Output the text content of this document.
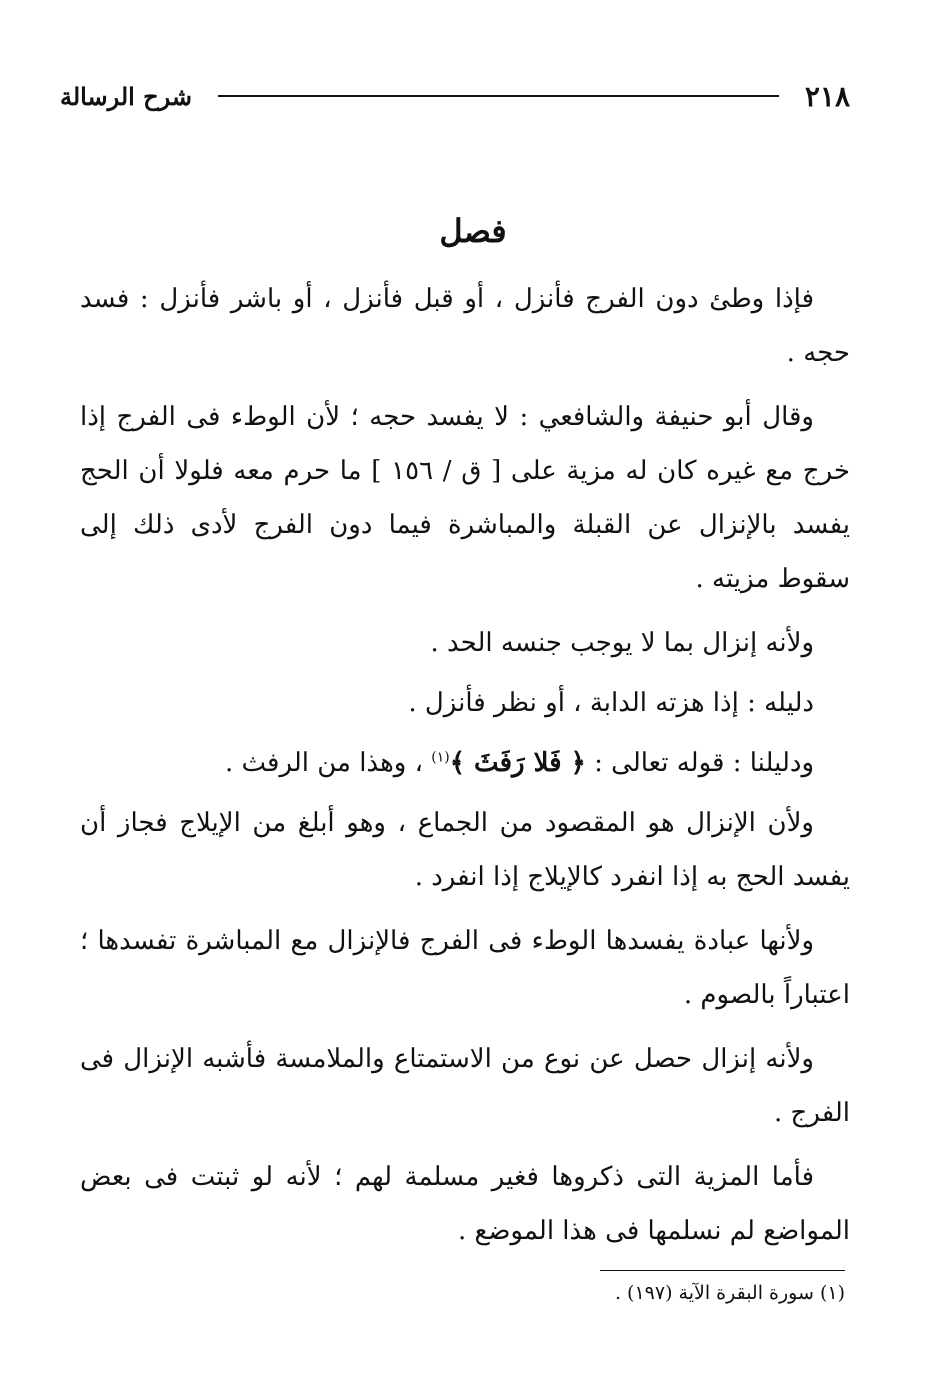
٢١٨
شرح الرسالة
فصل

فإذا وطئ دون الفرج فأنزل ، أو قبل فأنزل ، أو باشر فأنزل : فسد حجه .

وقال أبو حنيفة والشافعي : لا يفسد حجه ؛ لأن الوطء فى الفرج إذا خرج مع غيره كان له مزية على [ ق / ١٥٦ ] ما حرم معه فلولا أن الحج يفسد بالإنزال عن القبلة والمباشرة فيما دون الفرج لأدى ذلك إلى سقوط مزيته .

ولأنه إنزال بما لا يوجب جنسه الحد .

دليله : إذا هزته الدابة ، أو نظر فأنزل .

ودليلنا : قوله تعالى : ﴿ فَلا رَفَثَ ﴾$^{(١)}$ ، وهذا من الرفث .

ولأن الإنزال هو المقصود من الجماع ، وهو أبلغ من الإيلاج فجاز أن يفسد الحج به إذا انفرد كالإيلاج إذا انفرد .

ولأنها عبادة يفسدها الوطء فى الفرج فالإنزال مع المباشرة تفسدها ؛ اعتباراً بالصوم .

ولأنه إنزال حصل عن نوع من الاستمتاع والملامسة فأشبه الإنزال فى الفرج .

فأما المزية التى ذكروها فغير مسلمة لهم ؛ لأنه لو ثبتت فى بعض المواضع لم نسلمها فى هذا الموضع .

(١) سورة البقرة الآية (١٩٧) .
